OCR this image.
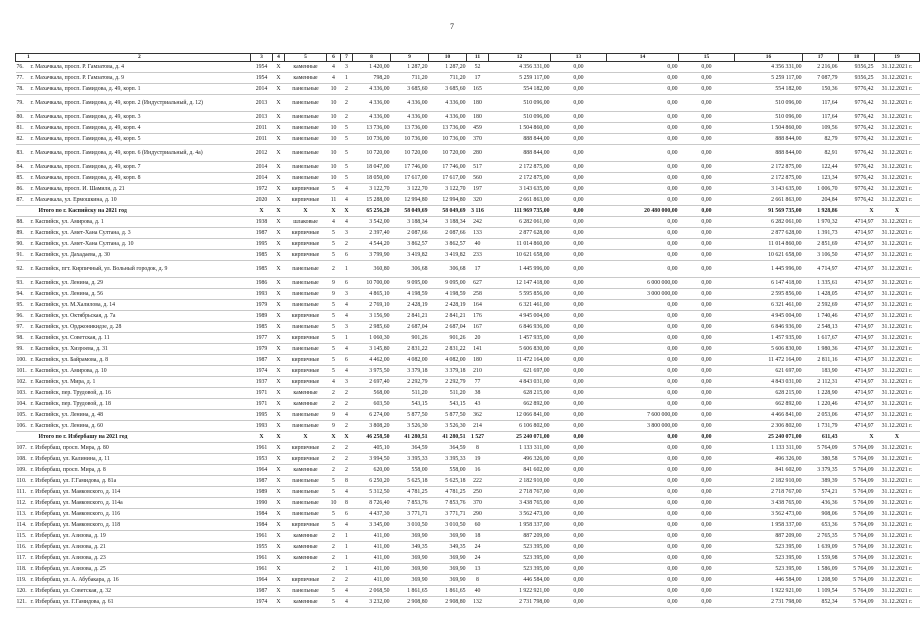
7
1 2	3	4	5	6	7	8	9	10	11	12	13	14	15	16	17	18	19
76. г. Махачкала, просп. Р. Гамзатова, д. 4	1954	X	каменные	4	3	1 420,00	1 287,20	1 287,20	52	4 356 331,00	0,00	0,00	0,00	4 356 331,00	2 216,06	9356,25	31.12.2021 г.
77. г. Махачкала, просп. Р. Гамзатова, д. 9	1954	X	каменные	4	1	798,20	711,20	711,20	17	5 259 117,00	0,00	0,00	0,00	5 259 117,00	7 087,79	9356,25	31.12.2021 г.
78. г. Махачкала, просп. Гамидова, д. 49, корп. 1	2014	X	панельные	10	2	4 336,00	3 685,60	3 685,60	165	554 182,00	0,00	0,00	0,00	554 182,00	150,36	9776,42	31.12.2021 г.
79. г. Махачкала, просп. Гамидова, д. 49, корп. 2 (Индустриальный, д. 12)	2013	X	панельные	10	2	4 336,00	4 336,00	4 336,00	180	510 096,00	0,00	0,00	0,00	510 096,00	117,64	9776,42	31.12.2021 г.
80. г. Махачкала, просп. Гамидова, д. 49, корп. 3	2013	X	панельные	10	2	4 336,00	4 336,00	4 336,00	180	510 096,00	0,00	0,00	0,00	510 096,00	117,64	9776,42	31.12.2021 г.
81. г. Махачкала, просп. Гамидова, д. 49, корп. 4	2011	X	панельные	10	5	13 736,00	13 736,00	13 736,00	459	1 504 860,00	0,00	0,00	0,00	1 504 860,00	109,56	9776,42	31.12.2021 г.
82. г. Махачкала, просп. Гамидова, д. 49, корп. 5	2011	X	панельные	10	5	10 736,00	10 736,00	10 736,00	370	888 844,00	0,00	0,00	0,00	888 844,00	82,79	9776,42	31.12.2021 г.
83. г. Махачкала, просп. Гамидова, д. 49, корп. 6 (Индустриальный, д. 4а)	2012	X	панельные	10	5	10 720,00	10 720,00	10 720,00	280	888 844,00	0,00	0,00	0,00	888 844,00	82,91	9776,42	31.12.2021 г.
84. г. Махачкала, просп. Гамидова, д. 49, корп. 7	2014	X	панельные	10	5	18 047,00	17 746,00	17 746,00	517	2 172 875,00	0,00	0,00	0,00	2 172 875,00	122,44	9776,42	31.12.2021 г.
85. г. Махачкала, просп. Гамидова, д. 49, корп. 8	2014	X	панельные	10	5	18 050,00	17 617,00	17 617,00	560	2 172 875,00	0,00	0,00	0,00	2 172 875,00	123,34	9776,42	31.12.2021 г.
86. г. Махачкала, просп. И. Шамиля, д. 21	1972	X	кирпичные	5	4	3 122,70	3 122,70	3 122,70	197	3 143 635,00	0,00	0,00	0,00	3 143 635,00	1 006,70	9776,42	31.12.2021 г.
87. г. Махачкала, ул. Ермошкина, д. 10	2020	X	кирпичные	11	4	15 288,00	12 994,80	12 994,80	320	2 661 863,00	0,00	0,00	0,00	2 661 863,00	204,84	9776,42	31.12.2021 г.
Итого по г. Каспийску на 2021 год	X	X	X	X	X	65 256,20	58 049,69	58 049,69	3 116	111 969 735,00	0,00	20 480 000,00	0,00	91 569 735,00	1 928,86	X	X
88. г. Каспийск, ул. Амирова, д. 1	1938	X	шлаковые	4	4	3 542,00	3 188,34	3 188,34	242	6 282 061,00	0,00	0,00	0,00	6 282 061,00	1 970,32	4714,97	31.12.2021 г.
89. г. Каспийск, ул. Амет-Хана Султана, д. 3	1987	X	кирпичные	5	3	2 397,40	2 087,66	2 087,66	133	2 877 628,00	0,00	0,00	0,00	2 877 628,00	1 391,73	4714,97	31.12.2021 г.
90. г. Каспийск, ул. Амет-Хана Султана, д. 10	1995	X	кирпичные	5	2	4 544,20	3 862,57	3 862,57	40	11 014 860,00	0,00	0,00	0,00	11 014 860,00	2 851,69	4714,97	31.12.2021 г.
91. г. Каспийск, ул. Дахадаева, д. 30	1985	X	кирпичные	5	6	3 799,90	3 419,82	3 419,82	233	10 621 658,00	0,00	0,00	0,00	10 621 658,00	3 106,50	4714,97	31.12.2021 г.
92. г. Каспийск, пгт. Кирпичный, ул. Вольный городок, д. 9	1985	X	панельные	2	1	360,80	306,68	306,68	17	1 445 996,00	0,00	0,00	0,00	1 445 996,00	4 714,97	4714,97	31.12.2021 г.
93. г. Каспийск, ул. Ленина, д. 29	1986	X	панельные	9	6	10 700,00	9 095,00	9 095,00	627	12 147 418,00	0,00	6 000 000,00	0,00	6 147 418,00	1 335,61	4714,97	31.12.2021 г.
94. г. Каспийск, ул. Ленина, д. 56	1993	X	панельные	9	3	4 865,10	4 198,59	4 198,59	258	5 595 856,00	0,00	3 000 000,00	0,00	2 595 856,00	1 428,05	4714,97	31.12.2021 г.
95. г. Каспийск, ул. М.Халилова, д. 14	1979	X	панельные	5	4	2 769,10	2 428,19	2 428,19	164	6 321 461,00	0,00	0,00	0,00	6 321 461,00	2 592,69	4714,97	31.12.2021 г.
96. г. Каспийск, ул. Октябрьская, д. 7а	1989	X	кирпичные	5	4	3 156,90	2 841,21	2 841,21	176	4 945 004,00	0,00	0,00	0,00	4 945 004,00	1 740,46	4714,97	31.12.2021 г.
97. г. Каспийск, ул. Орджоникидзе, д. 28	1985	X	панельные	5	3	2 985,60	2 687,04	2 687,04	167	6 846 936,00	0,00	0,00	0,00	6 846 936,00	2 548,13	4714,97	31.12.2021 г.
98. г. Каспийск, ул. Советская, д. 11	1977	X	кирпичные	5	1	1 060,30	901,26	901,26	20	1 457 935,00	0,00	0,00	0,00	1 457 935,00	1 617,67	4714,97	31.12.2021 г.
99. г. Каспийск, ул. Хизроева, д. 31	1979	X	панельные	5	4	3 145,80	2 831,22	2 831,22	141	5 606 830,00	0,00	0,00	0,00	5 606 830,00	1 980,36	4714,97	31.12.2021 г.
100. г. Каспийск, ул. Байрамова, д. 8	1987	X	кирпичные	5	6	4 462,00	4 082,00	4 082,00	180	11 472 164,00	0,00	0,00	0,00	11 472 164,00	2 811,16	4714,97	31.12.2021 г.
101. г. Каспийск, ул. Амирова, д. 10	1974	X	кирпичные	5	4	3 975,50	3 379,18	3 379,18	210	621 697,00	0,00	0,00	0,00	621 697,00	183,90	4714,97	31.12.2021 г.
102. г. Каспийск, ул. Мира, д. 1	1937	X	кирпичные	4	3	2 697,40	2 292,79	2 292,79	77	4 843 031,00	0,00	0,00	0,00	4 843 031,00	2 112,31	4714,97	31.12.2021 г.
103. г. Каспийск, пер. Трудовой, д. 16	1971	X	каменные	2	2	568,00	511,20	511,20	38	628 215,00	0,00	0,00	0,00	628 215,00	1 228,90	4714,97	31.12.2021 г.
104. г. Каспийск, пер. Трудовой, д. 18	1971	X	каменные	2	2	603,50	543,15	543,15	43	662 892,00	0,00	0,00	0,00	662 892,00	1 220,46	4714,97	31.12.2021 г.
105. г. Каспийск, ул. Ленина, д. 48	1995	X	панельные	9	4	6 274,00	5 877,50	5 877,50	362	12 066 841,00	0,00	7 600 000,00	0,00	4 466 841,00	2 053,06	4714,97	31.12.2021 г.
106. г. Каспийск, ул. Ленина, д. 60	1993	X	панельные	9	2	3 808,20	3 526,30	3 526,30	214	6 106 802,00	0,00	3 800 000,00	0,00	2 306 802,00	1 731,79	4714,97	31.12.2021 г.
Итого по г. Избербашу на 2021 год	X	X	X	X	X	46 258,50	41 280,51	41 280,51	1 527	25 240 071,00	0,00	0,00	0,00	25 240 071,00	611,43	X	X
107. г. Избербаш, просп. Мира, д. 80	1961	X	кирпичные	2	2	405,10	364,59	364,59	8	1 133 311,00	0,00	0,00	0,00	1 133 311,00	5 764,09	5 764,09	31.12.2021 г.
108. г. Избербаш, ул. Калинина, д. 11	1953	X	кирпичные	2	2	3 994,50	3 395,33	3 395,33	19	496 326,00	0,00	0,00	0,00	496 326,00	380,58	5 764,09	31.12.2021 г.
109. г. Избербаш, просп. Мира, д. 8	1964	X	каменные	2	2	620,00	558,00	558,00	16	841 602,00	0,00	0,00	0,00	841 602,00	3 379,35	5 764,09	31.12.2021 г.
110. г. Избербаш, ул. Г.Гамидова, д. 81а	1987	X	панельные	5	8	6 250,20	5 625,18	5 625,18	222	2 182 910,00	0,00	0,00	0,00	2 182 910,00	389,39	5 764,09	31.12.2021 г.
111. г. Избербаш, ул. Маяковского, д. 114	1989	X	панельные	5	4	5 312,50	4 781,25	4 781,25	250	2 718 767,00	0,00	0,00	0,00	2 718 767,00	574,21	5 764,09	31.12.2021 г.
112. г. Избербаш, ул. Маяковского, д. 114а	1990	X	панельные	10	8	8 726,40	7 853,76	7 853,76	370	3 438 765,00	0,00	0,00	0,00	3 438 765,00	436,36	5 764,09	31.12.2021 г.
113. г. Избербаш, ул. Маяковского, д. 116	1984	X	панельные	5	6	4 437,30	3 771,71	3 771,71	290	3 562 473,00	0,00	0,00	0,00	3 562 473,00	908,06	5 764,09	31.12.2021 г.
114. г. Избербаш, ул. Маяковского, д. 118	1984	X	кирпичные	5	4	3 345,00	3 010,50	3 010,50	60	1 958 337,00	0,00	0,00	0,00	1 958 337,00	653,36	5 764,09	31.12.2021 г.
115. г. Избербаш, ул. Азизова, д. 19	1961	X	каменные	2	1	411,00	369,90	369,90	18	887 209,00	0,00	0,00	0,00	887 209,00	2 765,35	5 764,09	31.12.2021 г.
116. г. Избербаш, ул. Азизова, д. 21	1955	X	каменные	2	1	411,00	349,35	349,35	24	523 395,00	0,00	0,00	0,00	523 395,00	1 639,09	5 764,09	31.12.2021 г.
117. г. Избербаш, ул. Азизова, д. 23	1961	X	каменные	2	1	411,00	369,90	369,90	24	523 395,00	0,00	0,00	0,00	523 395,00	1 559,98	5 764,09	31.12.2021 г.
118. г. Избербаш, ул. Азизова, д. 25	1961	X		2	1	411,00	369,90	369,90	13	523 395,00	0,00	0,00	0,00	523 395,00	1 586,09	5 764,09	31.12.2021 г.
119. г. Избербаш, ул. А. Абубакара, д. 16	1964	X	кирпичные	2	2	411,00	369,90	369,90	8	446 584,00	0,00	0,00	0,00	446 584,00	1 208,90	5 764,09	31.12.2021 г.
120. г. Избербаш, ул. Советская, д. 32	1987	X	панельные	5	4	2 068,50	1 861,65	1 861,65	40	1 922 921,00	0,00	0,00	0,00	1 922 921,00	1 109,54	5 764,09	31.12.2021 г.
121. г. Избербаш, ул. Г.Гамидова, д. 61	1974	X	каменные	5	4	3 232,00	2 908,80	2 908,80	132	2 731 798,00	0,00	0,00	0,00	2 731 798,00	852,34	5 764,09	31.12.2021 г.
